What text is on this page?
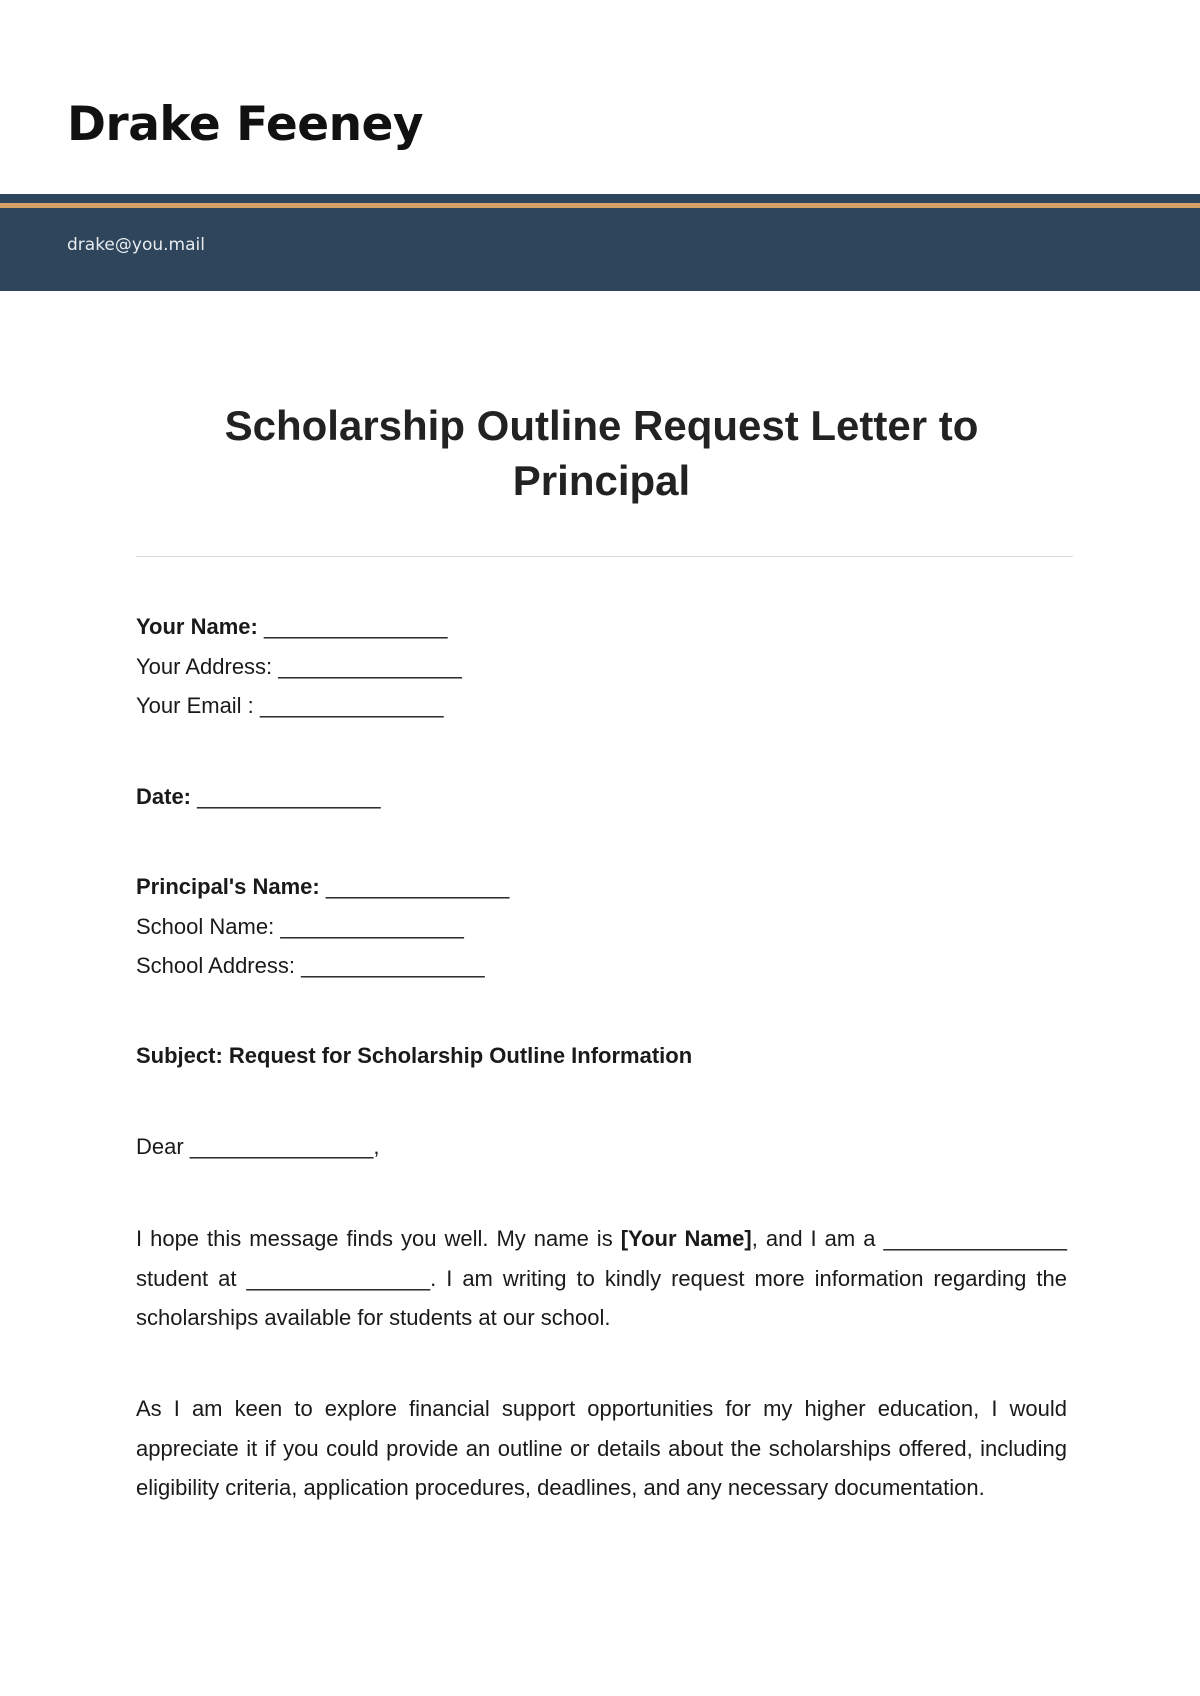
Drake Feeney
drake@you.mail
Scholarship Outline Request Letter to Principal
Your Name: _______________
Your Address: _______________
Your Email : _______________
Date: _______________
Principal's Name: _______________
School Name: _______________
School Address: _______________
Subject: Request for Scholarship Outline Information
Dear _______________,

I hope this message finds you well. My name is [Your Name], and I am a _______________ student at _______________. I am writing to kindly request more information regarding the scholarships available for students at our school.

As I am keen to explore financial support opportunities for my higher education, I would appreciate it if you could provide an outline or details about the scholarships offered, including eligibility criteria, application procedures, deadlines, and any necessary documentation.
